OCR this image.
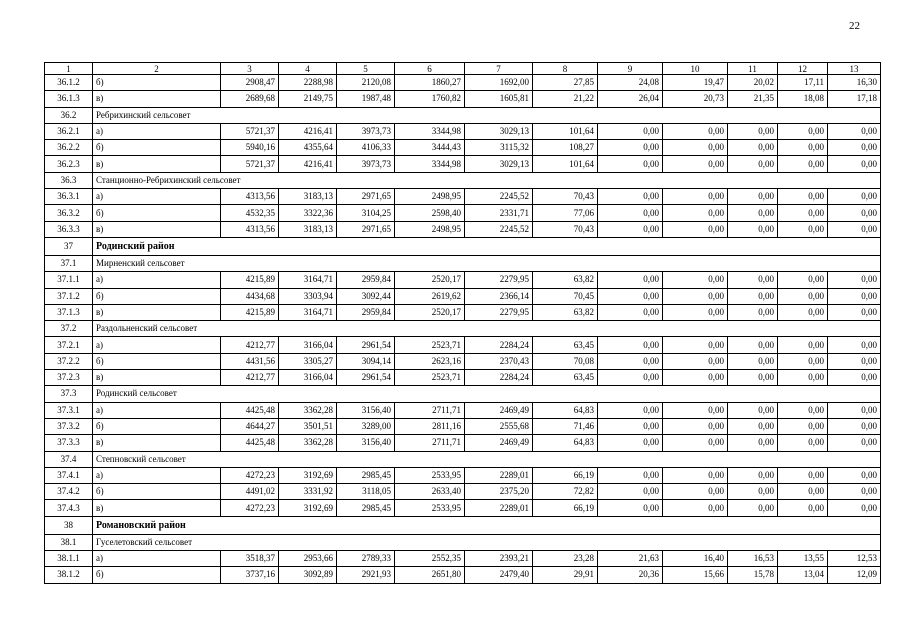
22
1	2	3	4	5	6	7	8	9	10	11	12	13
36.1.2	б)	2908,47	2288,98	2120,08	1860,27	1692,00	27,85	24,08	19,47	20,02	17,11	16,30
36.1.3	в)	2689,68	2149,75	1987,48	1760,82	1605,81	21,22	26,04	20,73	21,35	18,08	17,18
36.2	Ребрихинский сельсовет											
36.2.1	а)	5721,37	4216,41	3973,73	3344,98	3029,13	101,64	0,00	0,00	0,00	0,00	0,00
36.2.2	б)	5940,16	4355,64	4106,33	3444,43	3115,32	108,27	0,00	0,00	0,00	0,00	0,00
36.2.3	в)	5721,37	4216,41	3973,73	3344,98	3029,13	101,64	0,00	0,00	0,00	0,00	0,00
36.3	Станционно-Ребрихинский сельсовет											
36.3.1	а)	4313,56	3183,13	2971,65	2498,95	2245,52	70,43	0,00	0,00	0,00	0,00	0,00
36.3.2	б)	4532,35	3322,36	3104,25	2598,40	2331,71	77,06	0,00	0,00	0,00	0,00	0,00
36.3.3	в)	4313,56	3183,13	2971,65	2498,95	2245,52	70,43	0,00	0,00	0,00	0,00	0,00
37	Родинский район											
37.1	Мирненский сельсовет											
37.1.1	а)	4215,89	3164,71	2959,84	2520,17	2279,95	63,82	0,00	0,00	0,00	0,00	0,00
37.1.2	б)	4434,68	3303,94	3092,44	2619,62	2366,14	70,45	0,00	0,00	0,00	0,00	0,00
37.1.3	в)	4215,89	3164,71	2959,84	2520,17	2279,95	63,82	0,00	0,00	0,00	0,00	0,00
37.2	Раздольненский сельсовет											
37.2.1	а)	4212,77	3166,04	2961,54	2523,71	2284,24	63,45	0,00	0,00	0,00	0,00	0,00
37.2.2	б)	4431,56	3305,27	3094,14	2623,16	2370,43	70,08	0,00	0,00	0,00	0,00	0,00
37.2.3	в)	4212,77	3166,04	2961,54	2523,71	2284,24	63,45	0,00	0,00	0,00	0,00	0,00
37.3	Родинский сельсовет											
37.3.1	а)	4425,48	3362,28	3156,40	2711,71	2469,49	64,83	0,00	0,00	0,00	0,00	0,00
37.3.2	б)	4644,27	3501,51	3289,00	2811,16	2555,68	71,46	0,00	0,00	0,00	0,00	0,00
37.3.3	в)	4425,48	3362,28	3156,40	2711,71	2469,49	64,83	0,00	0,00	0,00	0,00	0,00
37.4	Степновский сельсовет											
37.4.1	а)	4272,23	3192,69	2985,45	2533,95	2289,01	66,19	0,00	0,00	0,00	0,00	0,00
37.4.2	б)	4491,02	3331,92	3118,05	2633,40	2375,20	72,82	0,00	0,00	0,00	0,00	0,00
37.4.3	в)	4272,23	3192,69	2985,45	2533,95	2289,01	66,19	0,00	0,00	0,00	0,00	0,00
38	Романовский район											
38.1	Гуселетовский сельсовет											
38.1.1	а)	3518,37	2953,66	2789,33	2552,35	2393,21	23,28	21,63	16,40	16,53	13,55	12,53
38.1.2	б)	3737,16	3092,89	2921,93	2651,80	2479,40	29,91	20,36	15,66	15,78	13,04	12,09
